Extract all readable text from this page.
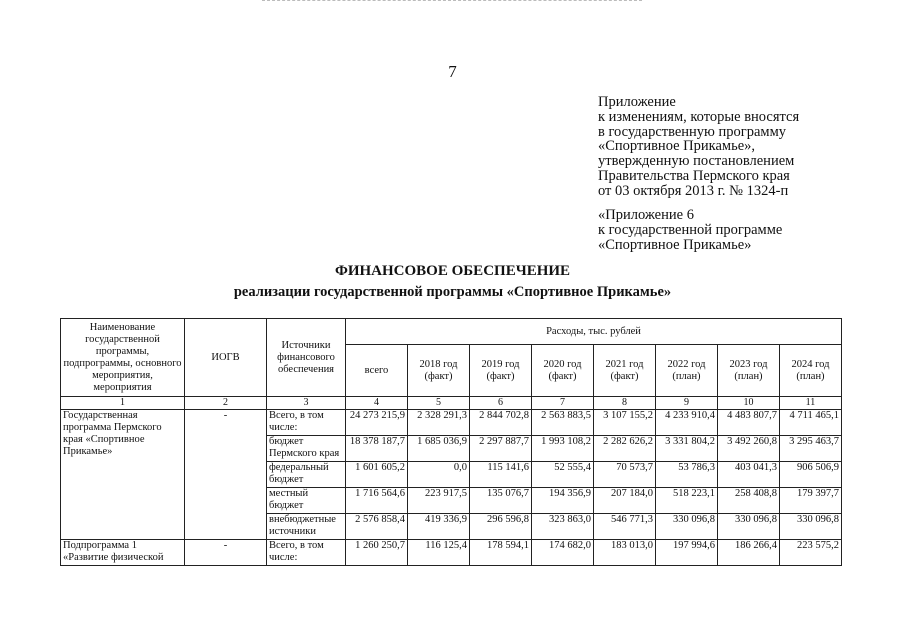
7
Приложение
к изменениям, которые вносятся
в государственную программу
«Спортивное Прикамье»,
утвержденную постановлением
Правительства Пермского края
от 03 октября 2013 г. № 1324-п
«Приложение 6
к государственной программе
«Спортивное Прикамье»
ФИНАНСОВОЕ ОБЕСПЕЧЕНИЕ
реализации государственной программы «Спортивное Прикамье»
Наименование государственной программы, подпрограммы, основного мероприятия, мероприятия	ИОГВ	Источники финансового обеспечения	Расходы, тыс. рублей							
			всего	2018 год (факт)	2019 год (факт)	2020 год (факт)	2021 год (факт)	2022 год (план)	2023 год (план)	2024 год (план)
1	2	3	4	5	6	7	8	9	10	11
Государственная программа Пермского края «Спортивное Прикамье»	-	Всего, в том числе:	24 273 215,9	2 328 291,3	2 844 702,8	2 563 883,5	3 107 155,2	4 233 910,4	4 483 807,7	4 711 465,1
		бюджет Пермского края	18 378 187,7	1 685 036,9	2 297 887,7	1 993 108,2	2 282 626,2	3 331 804,2	3 492 260,8	3 295 463,7
		федеральный бюджет	1 601 605,2	0,0	115 141,6	52 555,4	70 573,7	53 786,3	403 041,3	906 506,9
		местный бюджет	1 716 564,6	223 917,5	135 076,7	194 356,9	207 184,0	518 223,1	258 408,8	179 397,7
		внебюджетные источники	2 576 858,4	419 336,9	296 596,8	323 863,0	546 771,3	330 096,8	330 096,8	330 096,8
Подпрограмма 1 «Развитие физической	-	Всего, в том числе:	1 260 250,7	116 125,4	178 594,1	174 682,0	183 013,0	197 994,6	186 266,4	223 575,2
